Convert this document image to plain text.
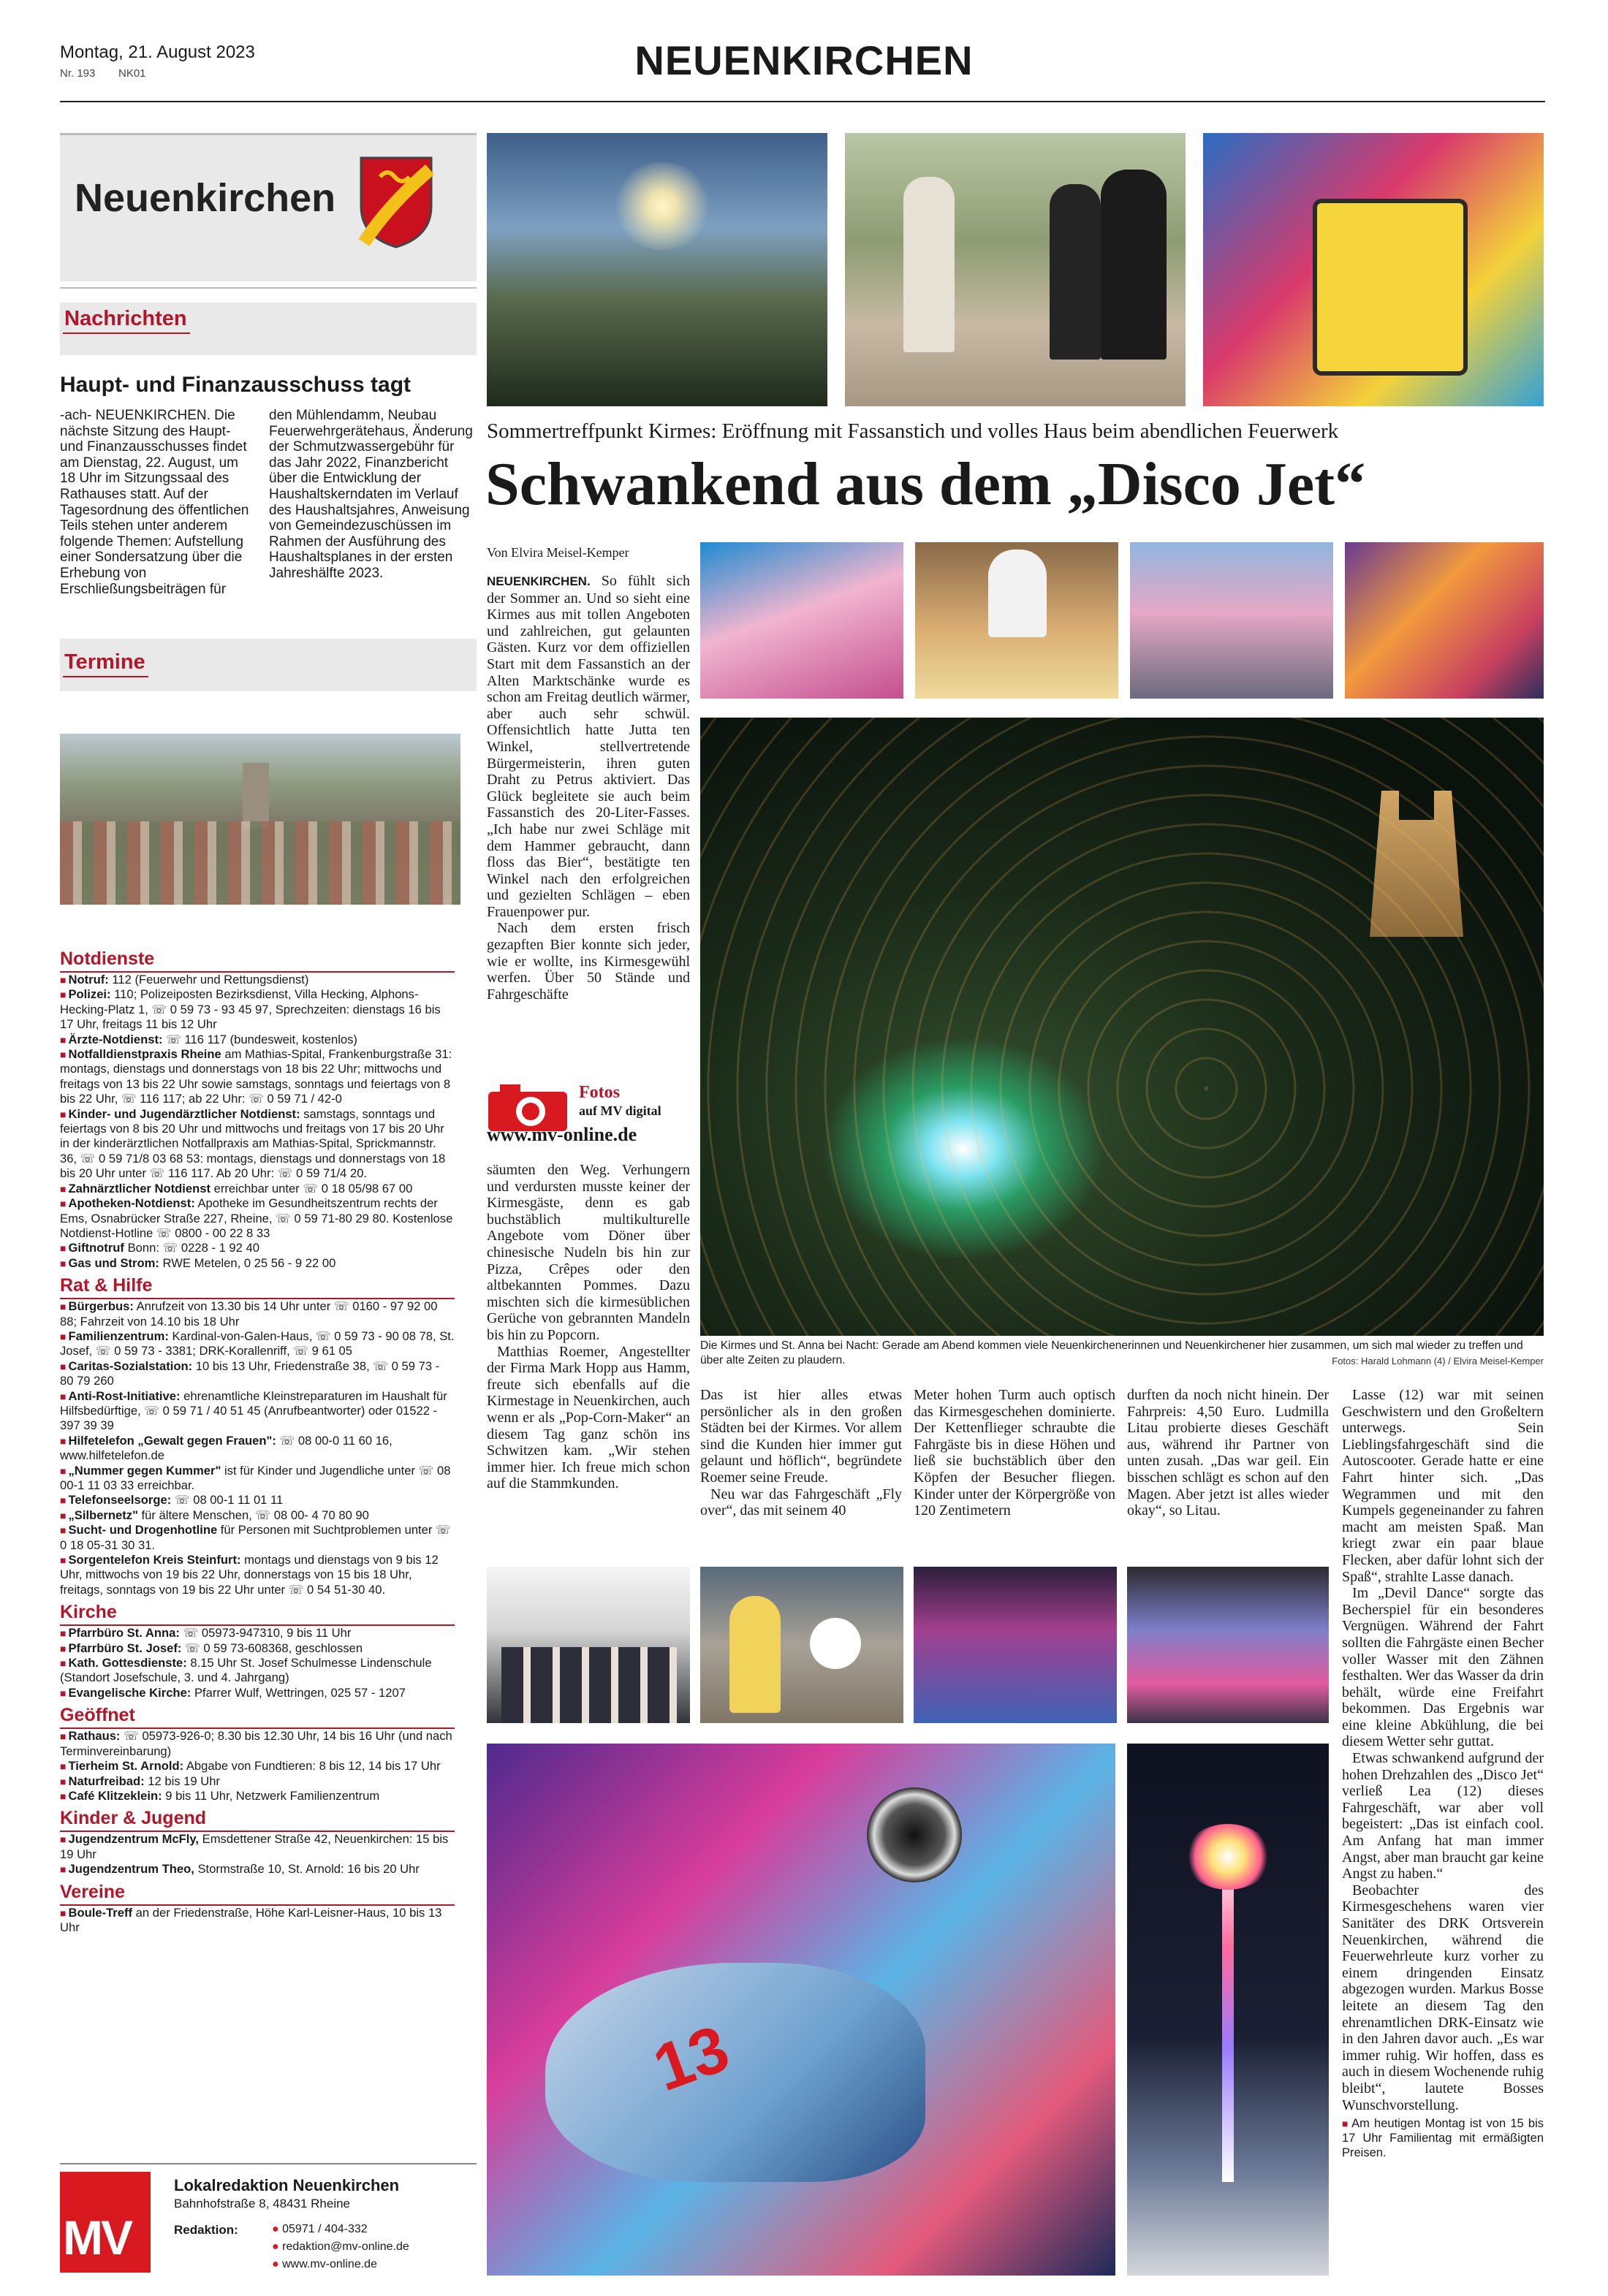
Montag, 21. August 2023
Nr. 193 NK01	NEUENKIRCHEN
Neuenkirchen
Nachrichten
Haupt- und Finanzausschuss tagt

-ach- NEUENKIRCHEN. Die nächste Sitzung des Haupt- und Finanzausschusses findet am Dienstag, 22. August, um 18 Uhr im Sitzungssaal des Rathauses statt. Auf der Tagesordnung des öffentlichen Teils stehen unter anderem folgende Themen: Aufstellung einer Sondersatzung über die Erhebung von Erschließungsbeiträgen für

den Mühlendamm, Neubau Feuerwehrgerätehaus, Änderung der Schmutzwassergebühr für das Jahr 2022, Finanzbericht über die Entwicklung der Haushaltskerndaten im Verlauf des Haushaltsjahres, Anweisung von Gemeindezuschüssen im Rahmen der Ausführung des Haushaltsplanes in der ersten Jahreshälfte 2023.

Termine
Notdienste

■ Notruf: 112 (Feuerwehr und Rettungsdienst)

■ Polizei: 110; Polizeiposten Bezirksdienst, Villa Hecking, Alphons-Hecking-Platz 1, ☏ 0 59 73 - 93 45 97, Sprechzeiten: dienstags 16 bis 17 Uhr, freitags 11 bis 12 Uhr

■ Ärzte-Notdienst: ☏ 116 117 (bundesweit, kostenlos)

■ Notfalldienstpraxis Rheine am Mathias-Spital, Frankenburgstraße 31: montags, dienstags und donnerstags von 18 bis 22 Uhr; mittwochs und freitags von 13 bis 22 Uhr sowie samstags, sonntags und feiertags von 8 bis 22 Uhr, ☏ 116 117; ab 22 Uhr: ☏ 0 59 71 / 42-0

■ Kinder- und Jugendärztlicher Notdienst: samstags, sonntags und feiertags von 8 bis 20 Uhr und mittwochs und freitags von 17 bis 20 Uhr in der kinderärztlichen Notfallpraxis am Mathias-Spital, Sprickmannstr. 36, ☏ 0 59 71/8 03 68 53: montags, dienstags und donnerstags von 18 bis 20 Uhr unter ☏ 116 117. Ab 20 Uhr: ☏ 0 59 71/4 20.

■ Zahnärztlicher Notdienst erreichbar unter ☏ 0 18 05/98 67 00

■ Apotheken-Notdienst: Apotheke im Gesundheitszentrum rechts der Ems, Osnabrücker Straße 227, Rheine, ☏ 0 59 71-80 29 80. Kostenlose Notdienst-Hotline ☏ 0800 - 00 22 8 33

■ Giftnotruf Bonn: ☏ 0228 - 1 92 40

■ Gas und Strom: RWE Metelen, 0 25 56 - 9 22 00

Rat & Hilfe

■ Bürgerbus: Anrufzeit von 13.30 bis 14 Uhr unter ☏ 0160 - 97 92 00 88; Fahrzeit von 14.10 bis 18 Uhr

■ Familienzentrum: Kardinal-von-Galen-Haus, ☏ 0 59 73 - 90 08 78, St. Josef, ☏ 0 59 73 - 3381; DRK-Korallenriff, ☏ 9 61 05

■ Caritas-Sozialstation: 10 bis 13 Uhr, Friedenstraße 38, ☏ 0 59 73 - 80 79 260

■ Anti-Rost-Initiative: ehrenamtliche Kleinstreparaturen im Haushalt für Hilfsbedürftige, ☏ 0 59 71 / 40 51 45 (Anrufbeantworter) oder 01522 - 397 39 39

■ Hilfetelefon „Gewalt gegen Frauen": ☏ 08 00-0 11 60 16, www.hilfetelefon.de

■ „Nummer gegen Kummer" ist für Kinder und Jugendliche unter ☏ 08 00-1 11 03 33 erreichbar.

■ Telefonseelsorge: ☏ 08 00-1 11 01 11

■ „Silbernetz" für ältere Menschen, ☏ 08 00- 4 70 80 90

■ Sucht- und Drogenhotline für Personen mit Suchtproblemen unter ☏ 0 18 05-31 30 31.

■ Sorgentelefon Kreis Steinfurt: montags und dienstags von 9 bis 12 Uhr, mittwochs von 19 bis 22 Uhr, donnerstags von 15 bis 18 Uhr, freitags, sonntags von 19 bis 22 Uhr unter ☏ 0 54 51-30 40.

Kirche

■ Pfarrbüro St. Anna: ☏ 05973-947310, 9 bis 11 Uhr

■ Pfarrbüro St. Josef: ☏ 0 59 73-608368, geschlossen

■ Kath. Gottesdienste: 8.15 Uhr St. Josef Schulmesse Lindenschule (Standort Josefschule, 3. und 4. Jahrgang)

■ Evangelische Kirche: Pfarrer Wulf, Wettringen, 025 57 - 1207

Geöffnet

■ Rathaus: ☏ 05973-926-0; 8.30 bis 12.30 Uhr, 14 bis 16 Uhr (und nach Terminvereinbarung)

■ Tierheim St. Arnold: Abgabe von Fundtieren: 8 bis 12, 14 bis 17 Uhr

■ Naturfreibad: 12 bis 19 Uhr

■ Café Klitzeklein: 9 bis 11 Uhr, Netzwerk Familienzentrum

Kinder & Jugend

■ Jugendzentrum McFly, Emsdettener Straße 42, Neuenkirchen: 15 bis 19 Uhr

■ Jugendzentrum Theo, Stormstraße 10, St. Arnold: 16 bis 20 Uhr

Vereine

■ Boule-Treff an der Friedenstraße, Höhe Karl-Leisner-Haus, 10 bis 13 Uhr

MV
Lokalredaktion Neuenkirchen
Bahnhofstraße 8, 48431 Rheine
Redaktion:	● 05971 / 404-332
● redaktion@mv-online.de
● www.mv-online.de
Sommertreffpunkt Kirmes: Eröffnung mit Fassanstich und volles Haus beim abendlichen Feuerwerk
Schwankend aus dem „Disco Jet“
Die Kirmes und St. Anna bei Nacht: Gerade am Abend kommen viele Neuenkirchenerinnen und Neuenkirchener hier zusammen, um sich mal wieder zu treffen und über alte Zeiten zu plaudern.	Fotos: Harald Lohmann (4) / Elvira Meisel-Kemper
Von Elvira Meisel-Kemper

NEUENKIRCHEN. So fühlt sich der Sommer an. Und so sieht eine Kirmes aus mit tollen Angeboten und zahlreichen, gut gelaunten Gästen. Kurz vor dem offiziellen Start mit dem Fassanstich an der Alten Marktschänke wurde es schon am Freitag deutlich wärmer, aber auch sehr schwül. Offensichtlich hatte Jutta ten Winkel, stellvertretende Bürgermeisterin, ihren guten Draht zu Petrus aktiviert. Das Glück begleitete sie auch beim Fassanstich des 20-Liter-Fasses. „Ich habe nur zwei Schläge mit dem Hammer gebraucht, dann floss das Bier“, bestätigte ten Winkel nach den erfolgreichen und gezielten Schlägen – eben Frauenpower pur.

Nach dem ersten frisch gezapften Bier konnte sich jeder, wie er wollte, ins Kirmesgewühl werfen. Über 50 Stände und Fahrgeschäfte

Fotos
auf MV digital
www.mv-online.de

säumten den Weg. Verhungern und verdursten musste keiner der Kirmesgäste, denn es gab buchstäblich multikulturelle Angebote vom Döner über chinesische Nudeln bis hin zur Pizza, Crêpes oder den altbekannten Pommes. Dazu mischten sich die kirmesüblichen Gerüche von gebrannten Mandeln bis hin zu Popcorn.

Matthias Roemer, Angestellter der Firma Mark Hopp aus Hamm, freute sich ebenfalls auf die Kirmestage in Neuenkirchen, auch wenn er als „Pop-Corn-Maker“ an diesem Tag ganz schön ins Schwitzen kam. „Wir stehen immer hier. Ich freue mich schon auf die Stammkunden.

Das ist hier alles etwas persönlicher als in den großen Städten bei der Kirmes. Vor allem sind die Kunden hier immer gut gelaunt und höflich“, begründete Roemer seine Freude.

Neu war das Fahrgeschäft „Fly over“, das mit seinem 40

Meter hohen Turm auch optisch das Kirmesgeschehen dominierte. Der Kettenflieger schraubte die Fahrgäste bis in diese Höhen und ließ sie buchstäblich über den Köpfen der Besucher fliegen. Kinder unter der Körpergröße von 120 Zentimetern

durften da noch nicht hinein. Der Fahrpreis: 4,50 Euro. Ludmilla Litau probierte dieses Geschäft aus, während ihr Partner von unten zusah. „Das war geil. Ein bisschen schlägt es schon auf den Magen. Aber jetzt ist alles wieder okay“, so Litau.

13

Lasse (12) war mit seinen Geschwistern und den Großeltern unterwegs. Sein Lieblingsfahrgeschäft sind die Autoscooter. Gerade hatte er eine Fahrt hinter sich. „Das Wegrammen und mit den Kumpels gegeneinander zu fahren macht am meisten Spaß. Man kriegt zwar ein paar blaue Flecken, aber dafür lohnt sich der Spaß“, strahlte Lasse danach.

Im „Devil Dance“ sorgte das Becherspiel für ein besonderes Vergnügen. Während der Fahrt sollten die Fahrgäste einen Becher voller Wasser mit den Zähnen festhalten. Wer das Wasser da drin behält, würde eine Freifahrt bekommen. Das Ergebnis war eine kleine Abkühlung, die bei diesem Wetter sehr guttat.

Etwas schwankend aufgrund der hohen Drehzahlen des „Disco Jet“ verließ Lea (12) dieses Fahrgeschäft, war aber voll begeistert: „Das ist einfach cool. Am Anfang hat man immer Angst, aber man braucht gar keine Angst zu haben.“

Beobachter des Kirmesgeschehens waren vier Sanitäter des DRK Ortsverein Neuenkirchen, während die Feuerwehrleute kurz vorher zu einem dringenden Einsatz abgezogen wurden. Markus Bosse leitete an diesem Tag den ehrenamtlichen DRK-Einsatz wie in den Jahren davor auch. „Es war immer ruhig. Wir hoffen, dass es auch in diesem Wochenende ruhig bleibt“, lautete Bosses Wunschvorstellung.

■ Am heutigen Montag ist von 15 bis 17 Uhr Familientag mit ermäßigten Preisen.
